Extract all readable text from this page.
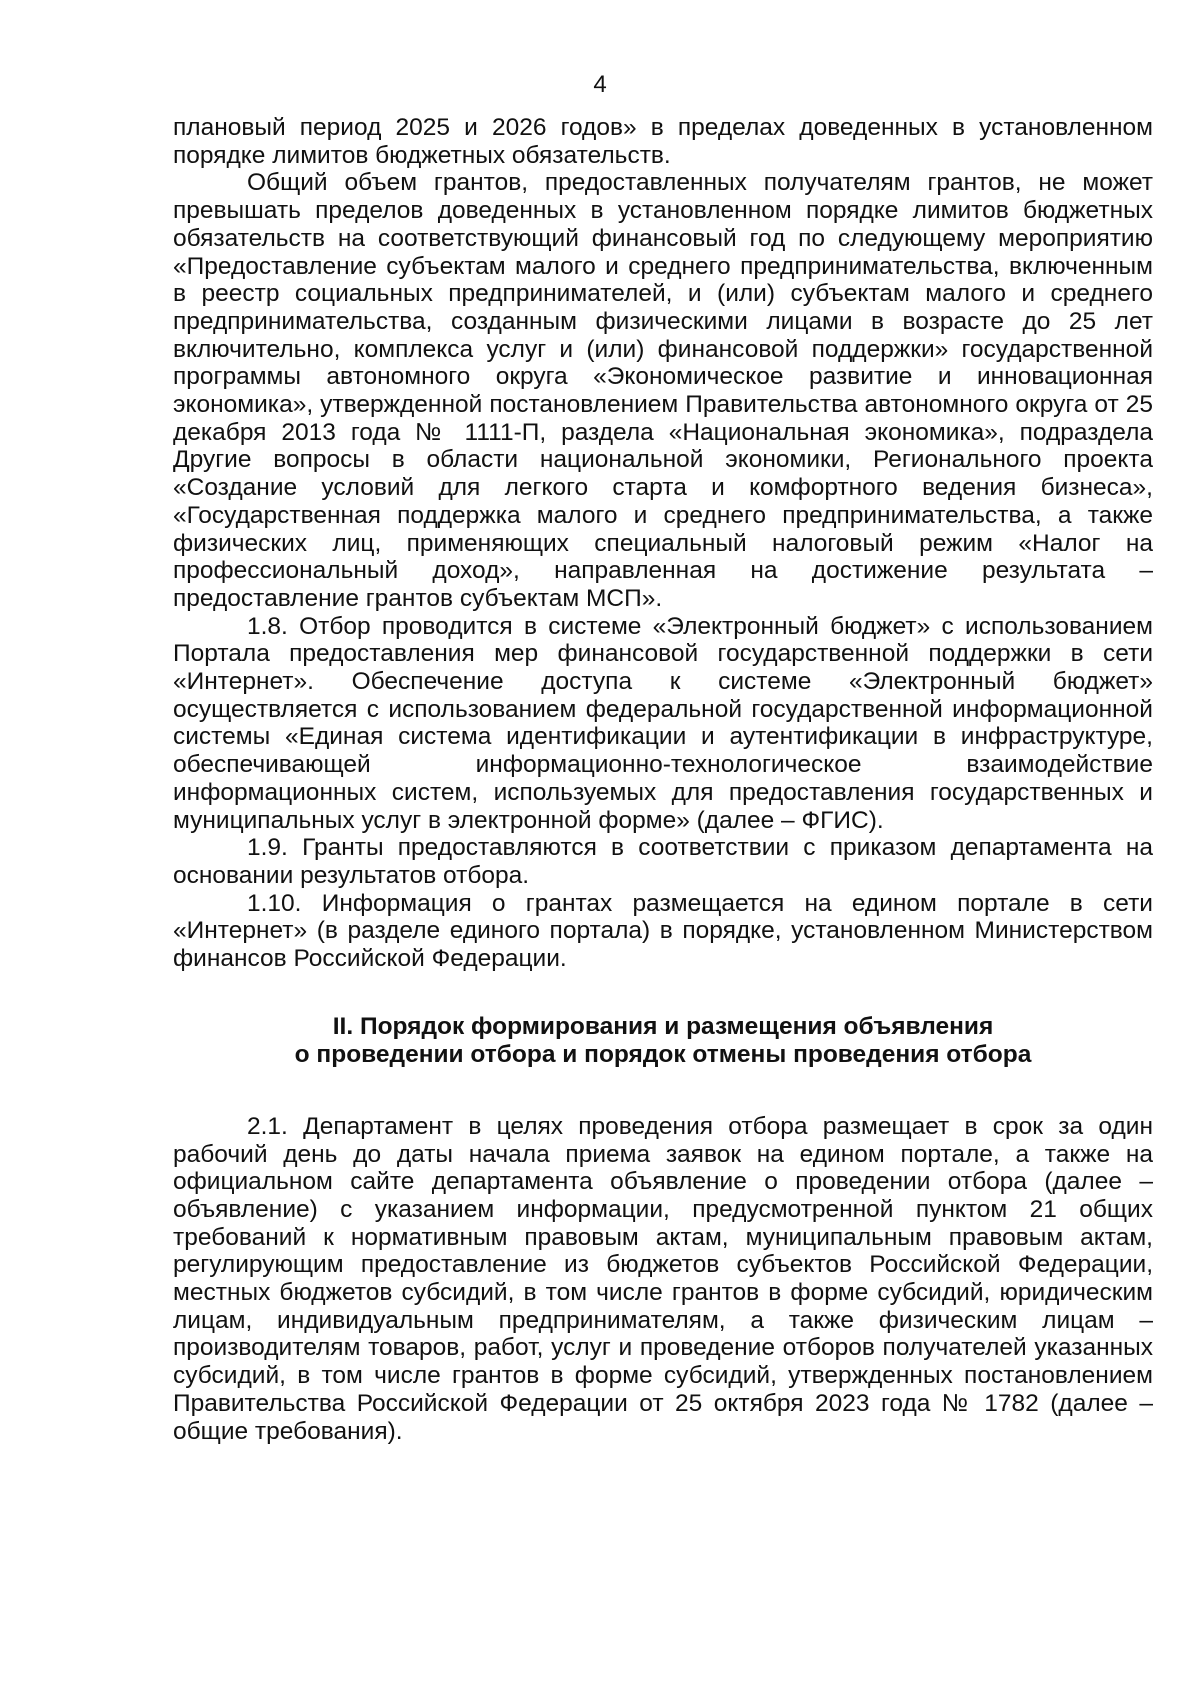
4

плановый период 2025 и 2026 годов» в пределах доведенных в установленном порядке лимитов бюджетных обязательств.

Общий объем грантов, предоставленных получателям грантов, не может превышать пределов доведенных в установленном порядке лимитов бюджетных обязательств на соответствующий финансовый год по следующему мероприятию «Предоставление субъектам малого и среднего предпринимательства, включенным в реестр социальных предпринимателей, и (или) субъектам малого и среднего предпринимательства, созданным физическими лицами в возрасте до 25 лет включительно, комплекса услуг и (или) финансовой поддержки» государственной программы автономного округа «Экономическое развитие и инновационная экономика», утвержденной постановлением Правительства автономного округа от 25 декабря 2013 года № 1111-П, раздела «Национальная экономика», подраздела Другие вопросы в области национальной экономики, Регионального проекта «Создание условий для легкого старта и комфортного ведения бизнеса», «Государственная поддержка малого и среднего предпринимательства, а также физических лиц, применяющих специальный налоговый режим «Налог на профессиональный доход», направленная на достижение результата – предоставление грантов субъектам МСП».

1.8. Отбор проводится в системе «Электронный бюджет» с использованием Портала предоставления мер финансовой государственной поддержки в сети «Интернет». Обеспечение доступа к системе «Электронный бюджет» осуществляется с использованием федеральной государственной информационной системы «Единая система идентификации и аутентификации в инфраструктуре, обеспечивающей информационно-технологическое взаимодействие информационных систем, используемых для предоставления государственных и муниципальных услуг в электронной форме» (далее – ФГИС).

1.9. Гранты предоставляются в соответствии с приказом департамента на основании результатов отбора.

1.10. Информация о грантах размещается на едином портале в сети «Интернет» (в разделе единого портала) в порядке, установленном Министерством финансов Российской Федерации.

II. Порядок формирования и размещения объявления
о проведении отбора и порядок отмены проведения отбора

2.1. Департамент в целях проведения отбора размещает в срок за один рабочий день до даты начала приема заявок на едином портале, а также на официальном сайте департамента объявление о проведении отбора (далее – объявление) с указанием информации, предусмотренной пунктом 21 общих требований к нормативным правовым актам, муниципальным правовым актам, регулирующим предоставление из бюджетов субъектов Российской Федерации, местных бюджетов субсидий, в том числе грантов в форме субсидий, юридическим лицам, индивидуальным предпринимателям, а также физическим лицам – производителям товаров, работ, услуг и проведение отборов получателей указанных субсидий, в том числе грантов в форме субсидий, утвержденных постановлением Правительства Российской Федерации от 25 октября 2023 года № 1782 (далее – общие требования).
